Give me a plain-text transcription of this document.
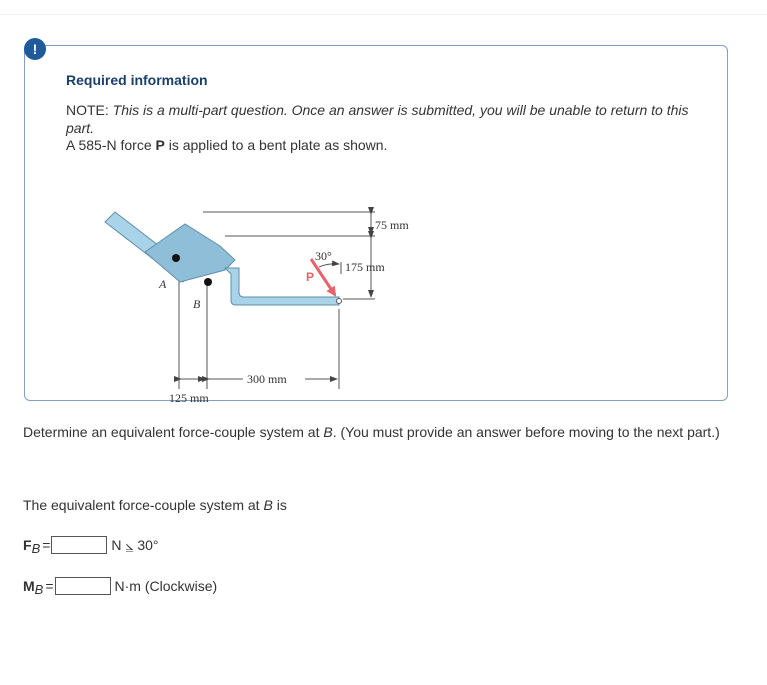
!
Required information
NOTE: This is a multi-part question. Once an answer is submitted, you will be unable to return to this part.
A 585-N force P is applied to a bent plate as shown.
A
B
P
30°
75 mm
175 mm
300 mm
125 mm
Determine an equivalent force-couple system at B. (You must provide an answer before moving to the next part.)
The equivalent force-couple system at B is
F B =	N ⦥ 30°
M B =	N·m (Clockwise)
